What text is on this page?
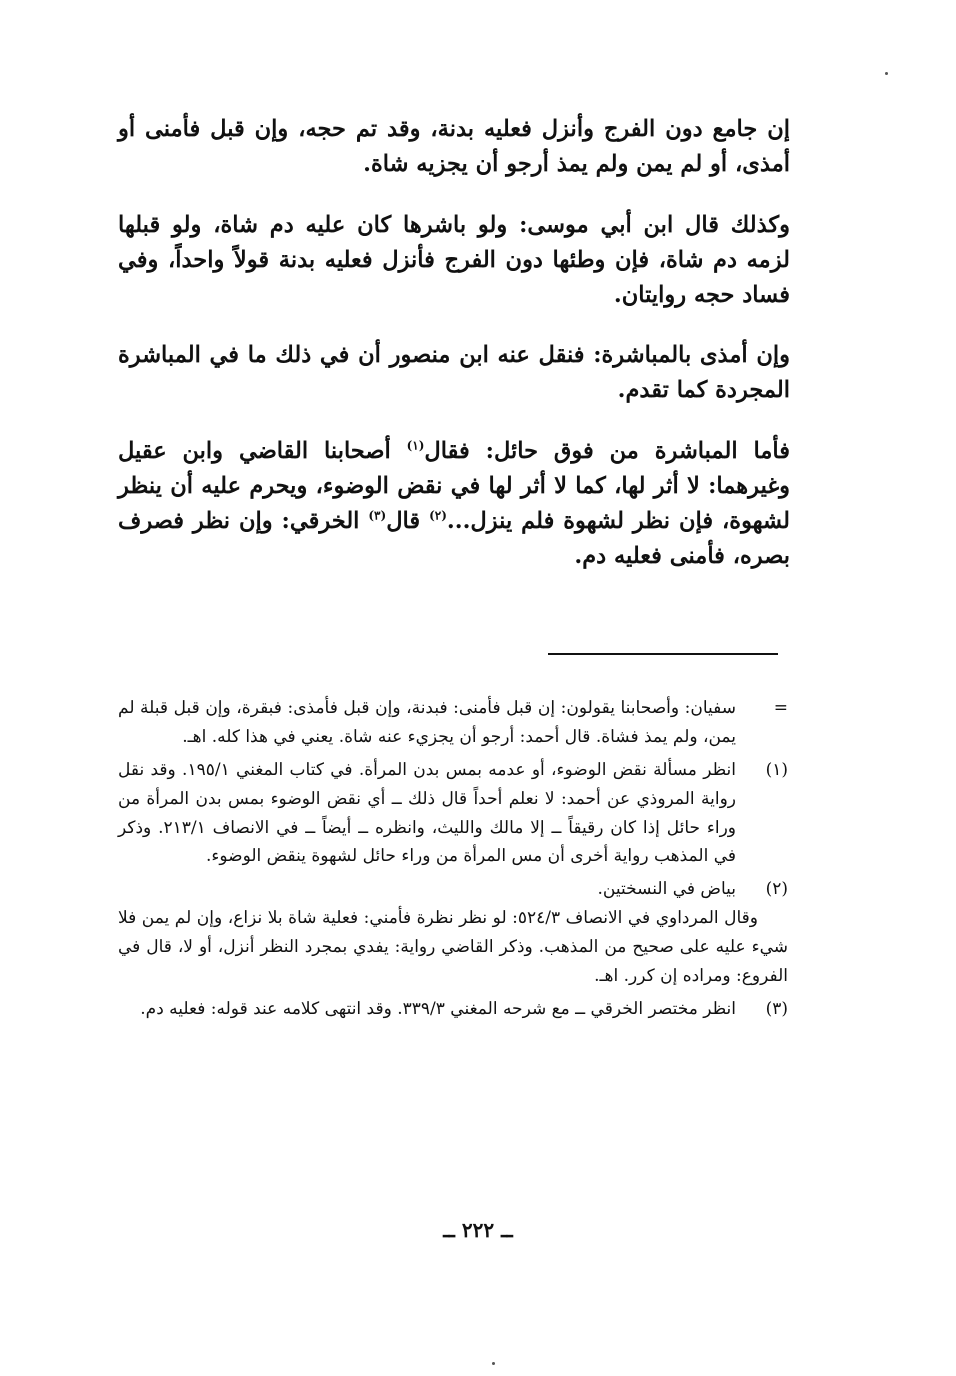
إن جامع دون الفرج وأنزل فعليه بدنة، وقد تم حجه، وإن قبل فأمنى أو أمذى، أو لم يمن ولم يمذ أرجو أن يجزيه شاة.

وكذلك قال ابن أبي موسى: ولو باشرها كان عليه دم شاة، ولو قبلها لزمه دم شاة، فإن وطئها دون الفرج فأنزل فعليه بدنة قولاً واحداً، وفي فساد حجه روايتان.

وإن أمذى بالمباشرة: فنقل عنه ابن منصور أن في ذلك ما في المباشرة المجردة كما تقدم.

فأما المباشرة من فوق حائل: فقال$^{(١)}$ أصحابنا القاضي وابن عقيل وغيرهما: لا أثر لها، كما لا أثر لها في نقض الوضوء، ويحرم عليه أن ينظر لشهوة، فإن نظر لشهوة فلم ينزل...$^{(٢)}$ قال$^{(٣)}$ الخرقي: وإن نظر فصرف بصره، فأمنى فعليه دم.

=
سفيان: وأصحابنا يقولون: إن قبل فأمنى: فبدنة، وإن قبل فأمذى: فبقرة، وإن قبل قبلة لم يمن، ولم يمذ فشاة. قال أحمد: أرجو أن يجزيء عنه شاة. يعني في هذا كله. اهـ.
(١)
انظر مسألة نقض الوضوء، أو عدمه بمس بدن المرأة. في كتاب المغني ١٩٥/١. وقد نقل رواية المروذي عن أحمد: لا نعلم أحداً قال ذلك ــ أي نقض الوضوء بمس بدن المرأة من وراء حائل إذا كان رقيقاً ــ إلا مالك والليث، وانظره ــ أيضاً ــ في الانصاف ٢١٣/١. وذكر في المذهب رواية أخرى أن مس المرأة من وراء حائل لشهوة ينقض الوضوء.
(٢)
بياض في النسختين.
وقال المرداوي في الانصاف ٥٢٤/٣: لو نظر نظرة فأمني: فعلية شاة بلا نزاع، وإن لم يمن فلا شيء عليه على صحيح من المذهب. وذكر القاضي رواية: يفدي بمجرد النظر أنزل، أو لا، قال في الفروع: ومراده إن كرر. اهـ.
(٣)
انظر مختصر الخرقي ــ مع شرحه المغني ٣٣٩/٣. وقد انتهى كلامه عند قوله: فعليه دم.
ــ ٢٢٢ ــ
